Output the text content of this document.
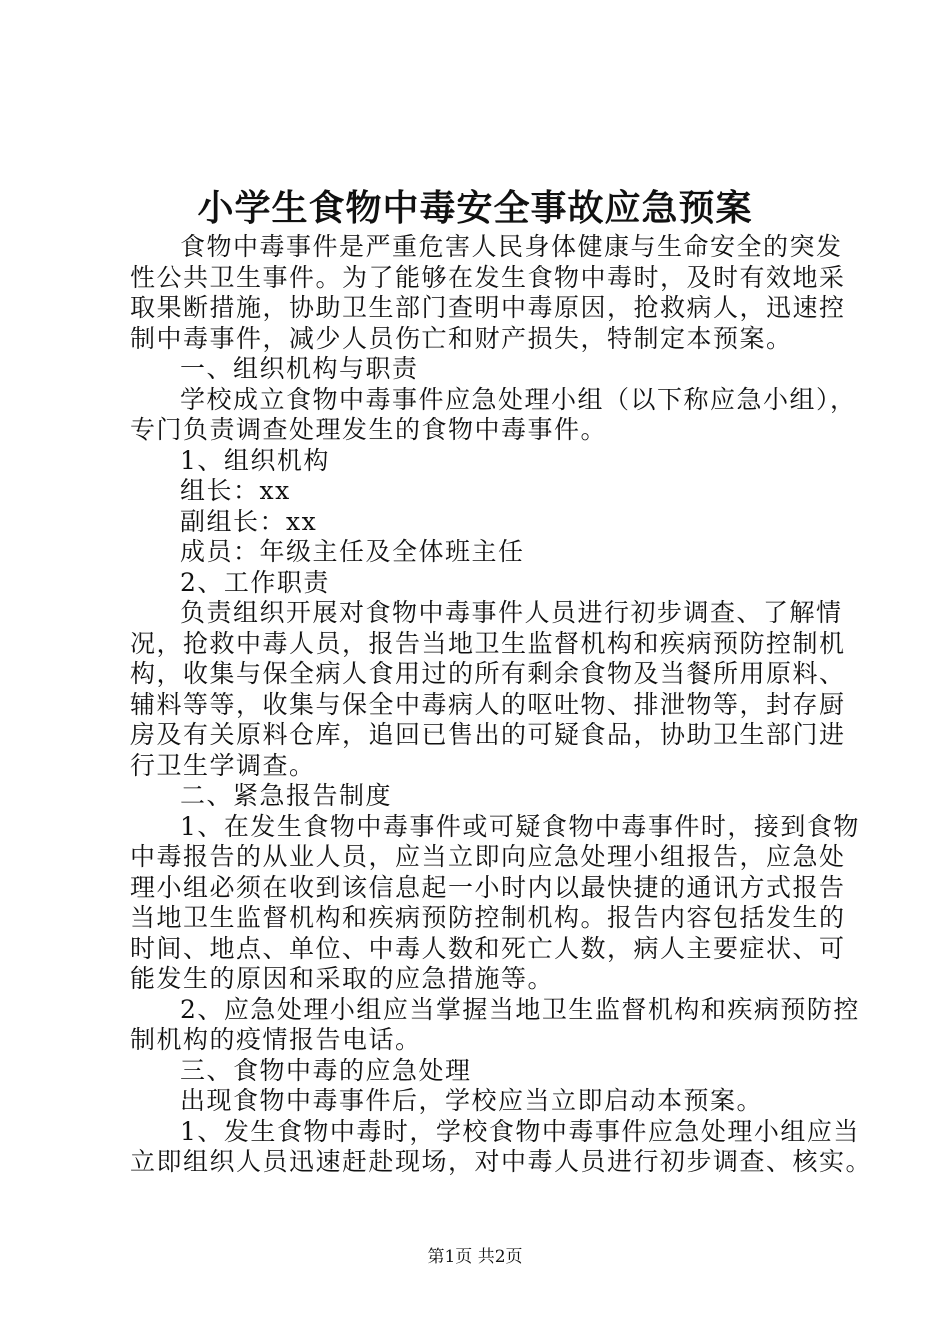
小学生食物中毒安全事故应急预案

食物中毒事件是严重危害人民身体健康与生命安全的突发

性公共卫生事件。为了能够在发生食物中毒时，及时有效地采

取果断措施，协助卫生部门查明中毒原因，抢救病人，迅速控

制中毒事件，减少人员伤亡和财产损失，特制定本预案。

一、组织机构与职责

学校成立食物中毒事件应急处理小组（以下称应急小组），

专门负责调查处理发生的食物中毒事件。

1、组织机构

组长：xx

副组长：xx

成员：年级主任及全体班主任

2、工作职责

负责组织开展对食物中毒事件人员进行初步调查、了解情

况，抢救中毒人员，报告当地卫生监督机构和疾病预防控制机

构，收集与保全病人食用过的所有剩余食物及当餐所用原料、

辅料等等，收集与保全中毒病人的呕吐物、排泄物等，封存厨

房及有关原料仓库，追回已售出的可疑食品，协助卫生部门进

行卫生学调查。

二、紧急报告制度

1、在发生食物中毒事件或可疑食物中毒事件时，接到食物

中毒报告的从业人员，应当立即向应急处理小组报告，应急处

理小组必须在收到该信息起一小时内以最快捷的通讯方式报告

当地卫生监督机构和疾病预防控制机构。报告内容包括发生的

时间、地点、单位、中毒人数和死亡人数，病人主要症状、可

能发生的原因和采取的应急措施等。

2、应急处理小组应当掌握当地卫生监督机构和疾病预防控

制机构的疫情报告电话。

三、食物中毒的应急处理

出现食物中毒事件后，学校应当立即启动本预案。

1、发生食物中毒时，学校食物中毒事件应急处理小组应当

立即组织人员迅速赶赴现场，对中毒人员进行初步调查、核实。

第1页 共2页
